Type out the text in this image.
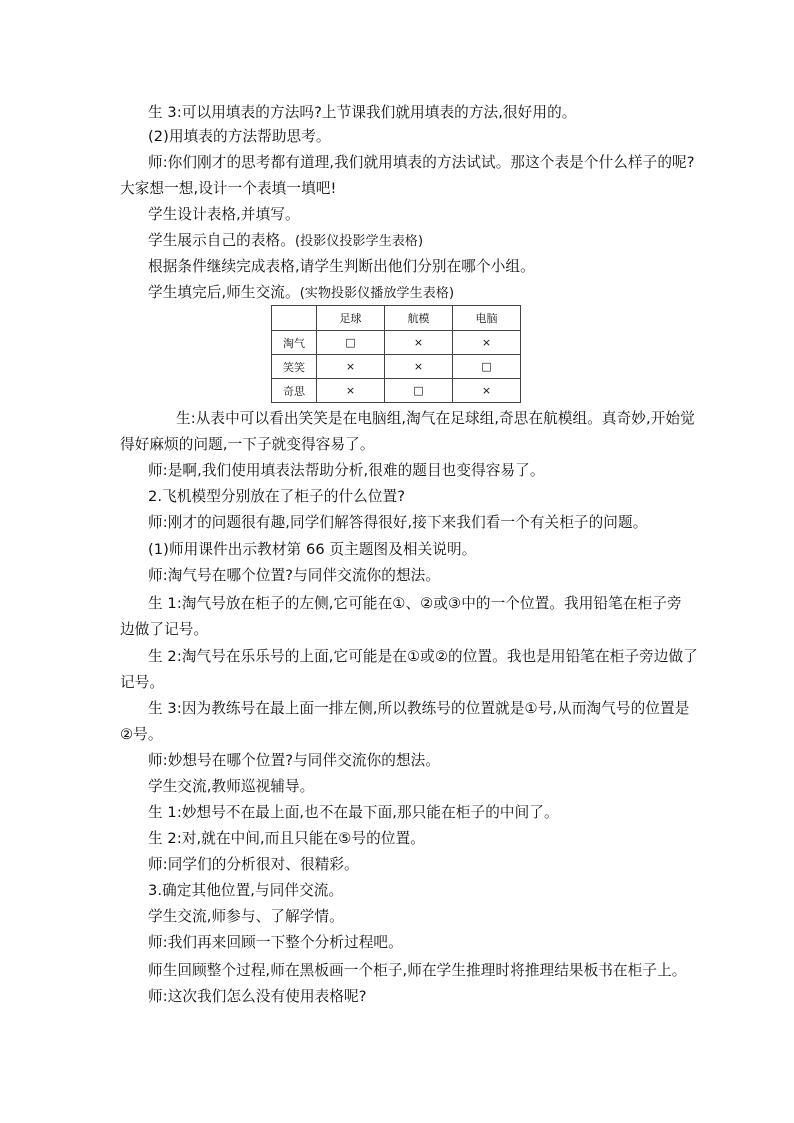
生 3:可以用填表的方法吗?上节课我们就用填表的方法,很好用的。
(2)用填表的方法帮助思考。
师:你们刚才的思考都有道理,我们就用填表的方法试试。那这个表是个什么样子的呢?
大家想一想,设计一个表填一填吧!
学生设计表格,并填写。
学生展示自己的表格。(投影仪投影学生表格)
根据条件继续完成表格,请学生判断出他们分别在哪个小组。
学生填完后,师生交流。(实物投影仪播放学生表格)
	足球	航模	电脑
淘气	□	×	×
笑笑	×	×	□
奇思	×	□	×
生:从表中可以看出笑笑是在电脑组,淘气在足球组,奇思在航模组。真奇妙,开始觉
得好麻烦的问题,一下子就变得容易了。
师:是啊,我们使用填表法帮助分析,很难的题目也变得容易了。
2.飞机模型分别放在了柜子的什么位置?
师:刚才的问题很有趣,同学们解答得很好,接下来我们看一个有关柜子的问题。
(1)师用课件出示教材第 66 页主题图及相关说明。
师:淘气号在哪个位置?与同伴交流你的想法。
生 1:淘气号放在柜子的左侧,它可能在①、②或③中的一个位置。我用铅笔在柜子旁
边做了记号。
生 2:淘气号在乐乐号的上面,它可能是在①或②的位置。我也是用铅笔在柜子旁边做了
记号。
生 3:因为教练号在最上面一排左侧,所以教练号的位置就是①号,从而淘气号的位置是
②号。
师:妙想号在哪个位置?与同伴交流你的想法。
学生交流,教师巡视辅导。
生 1:妙想号不在最上面,也不在最下面,那只能在柜子的中间了。
生 2:对,就在中间,而且只能在⑤号的位置。
师:同学们的分析很对、很精彩。
3.确定其他位置,与同伴交流。
学生交流,师参与、了解学情。
师:我们再来回顾一下整个分析过程吧。
师生回顾整个过程,师在黑板画一个柜子,师在学生推理时将推理结果板书在柜子上。
师:这次我们怎么没有使用表格呢?
